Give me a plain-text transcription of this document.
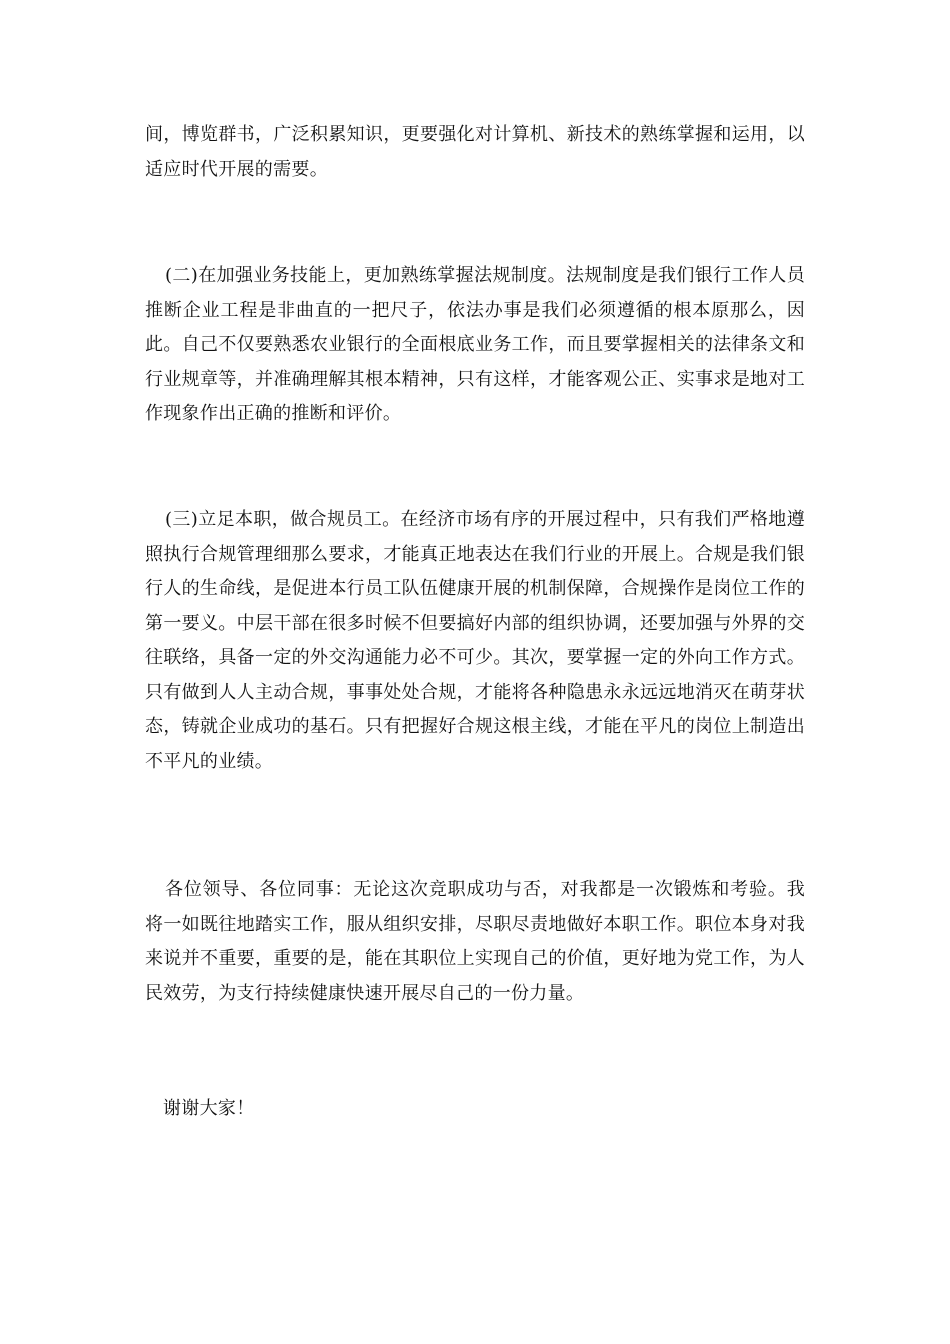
间，博览群书，广泛积累知识，更要强化对计算机、新技术的熟练掌握和运用，以适应时代开展的需要。

(二)在加强业务技能上，更加熟练掌握法规制度。法规制度是我们银行工作人员推断企业工程是非曲直的一把尺子，依法办事是我们必须遵循的根本原那么，因此。自己不仅要熟悉农业银行的全面根底业务工作，而且要掌握相关的法律条文和行业规章等，并准确理解其根本精神，只有这样，才能客观公正、实事求是地对工作现象作出正确的推断和评价。

(三)立足本职，做合规员工。在经济市场有序的开展过程中，只有我们严格地遵照执行合规管理细那么要求，才能真正地表达在我们行业的开展上。合规是我们银行人的生命线，是促进本行员工队伍健康开展的机制保障，合规操作是岗位工作的第一要义。中层干部在很多时候不但要搞好内部的组织协调，还要加强与外界的交往联络，具备一定的外交沟通能力必不可少。其次，要掌握一定的外向工作方式。只有做到人人主动合规，事事处处合规，才能将各种隐患永永远远地消灭在萌芽状态，铸就企业成功的基石。只有把握好合规这根主线，才能在平凡的岗位上制造出不平凡的业绩。

各位领导、各位同事：无论这次竞职成功与否，对我都是一次锻炼和考验。我将一如既往地踏实工作，服从组织安排，尽职尽责地做好本职工作。职位本身对我来说并不重要，重要的是，能在其职位上实现自己的价值，更好地为党工作，为人民效劳，为支行持续健康快速开展尽自己的一份力量。

谢谢大家！
